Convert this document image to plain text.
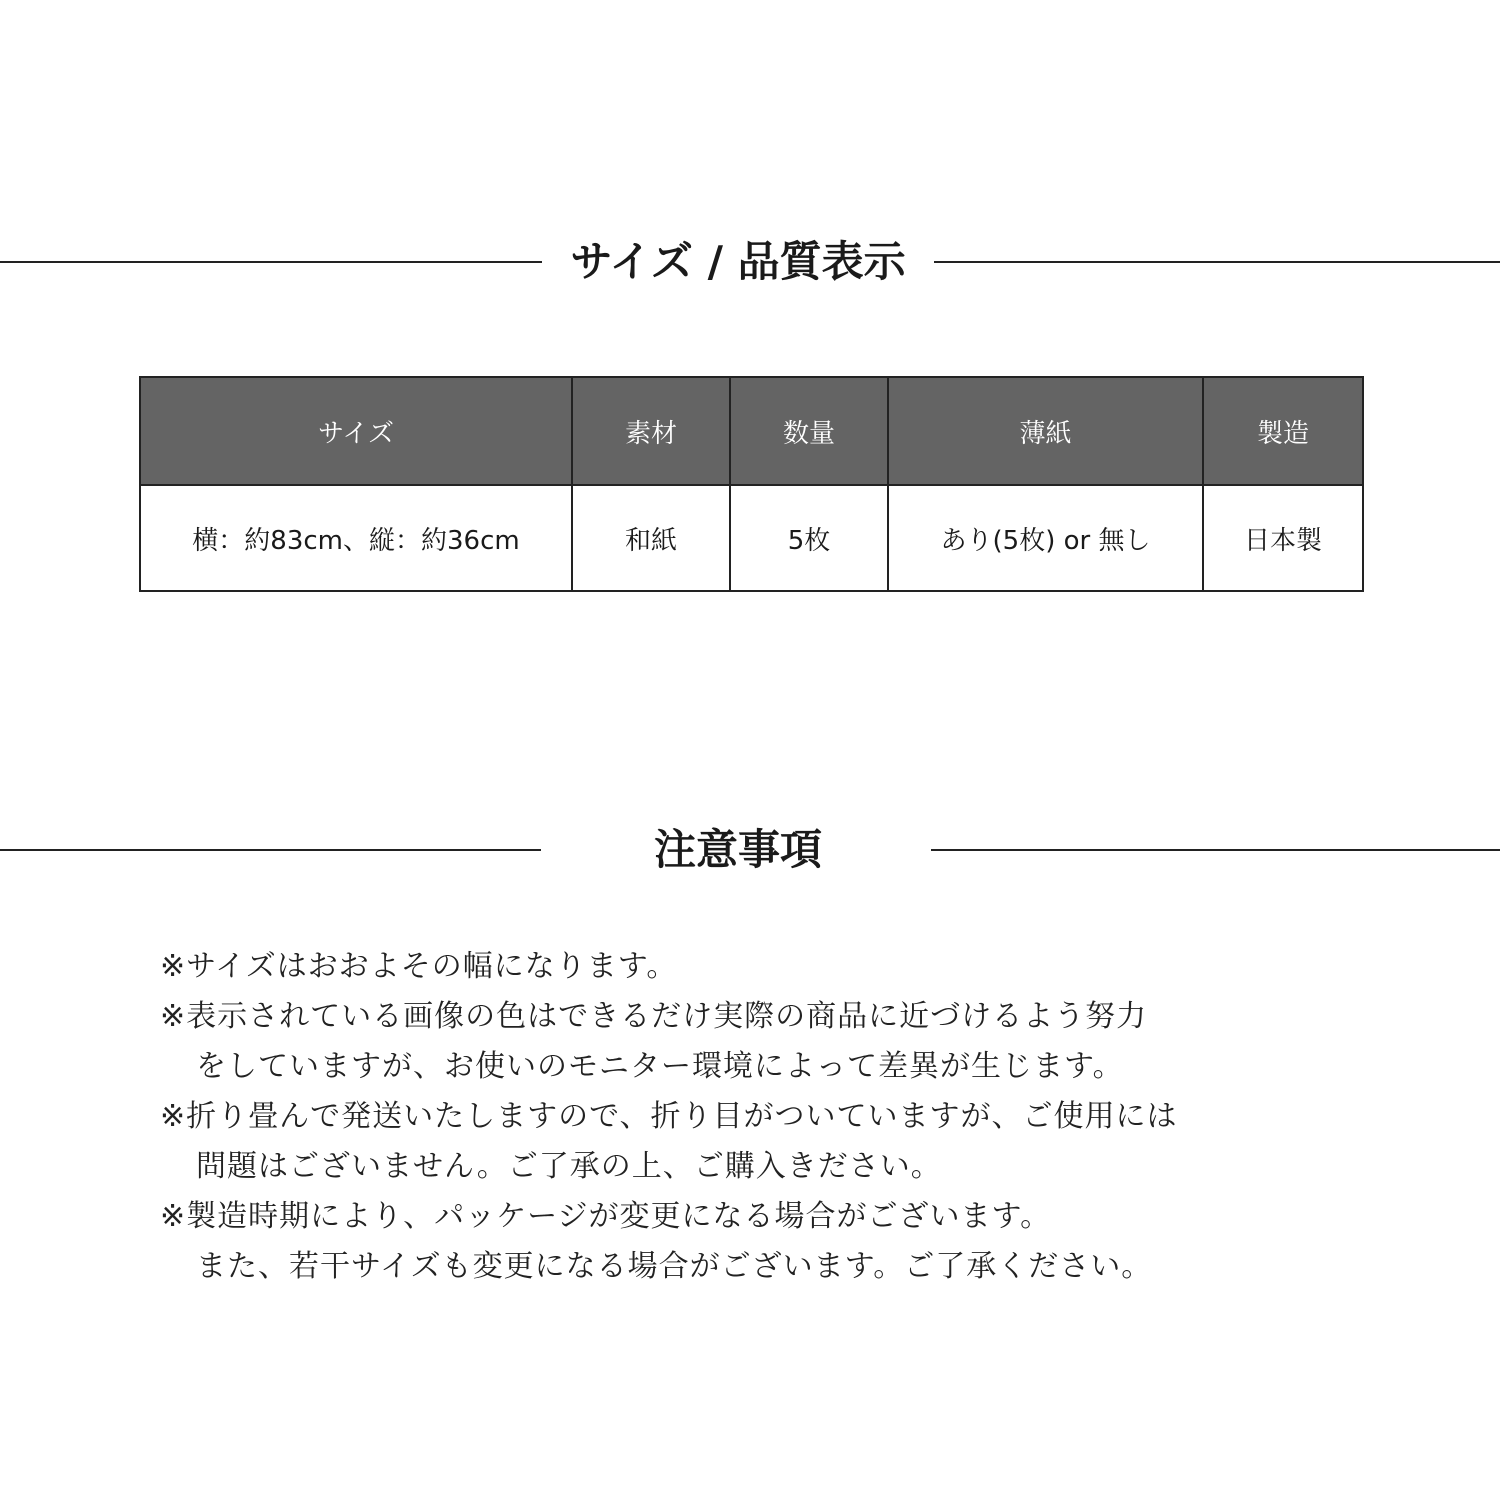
サイズ / 品質表示
サイズ	素材	数量	薄紙	製造
横：約83cm、縦：約36cm	和紙	5枚	あり(5枚) or 無し	日本製
注意事項
※サイズはおおよその幅になります。
※表示されている画像の色はできるだけ実際の商品に近づけるよう努力
をしていますが、お使いのモニター環境によって差異が生じます。
※折り畳んで発送いたしますので、折り目がついていますが、ご使用には
問題はございません。ご了承の上、ご購入きださい。
※製造時期により、パッケージが変更になる場合がございます。
また、若干サイズも変更になる場合がございます。ご了承ください。
